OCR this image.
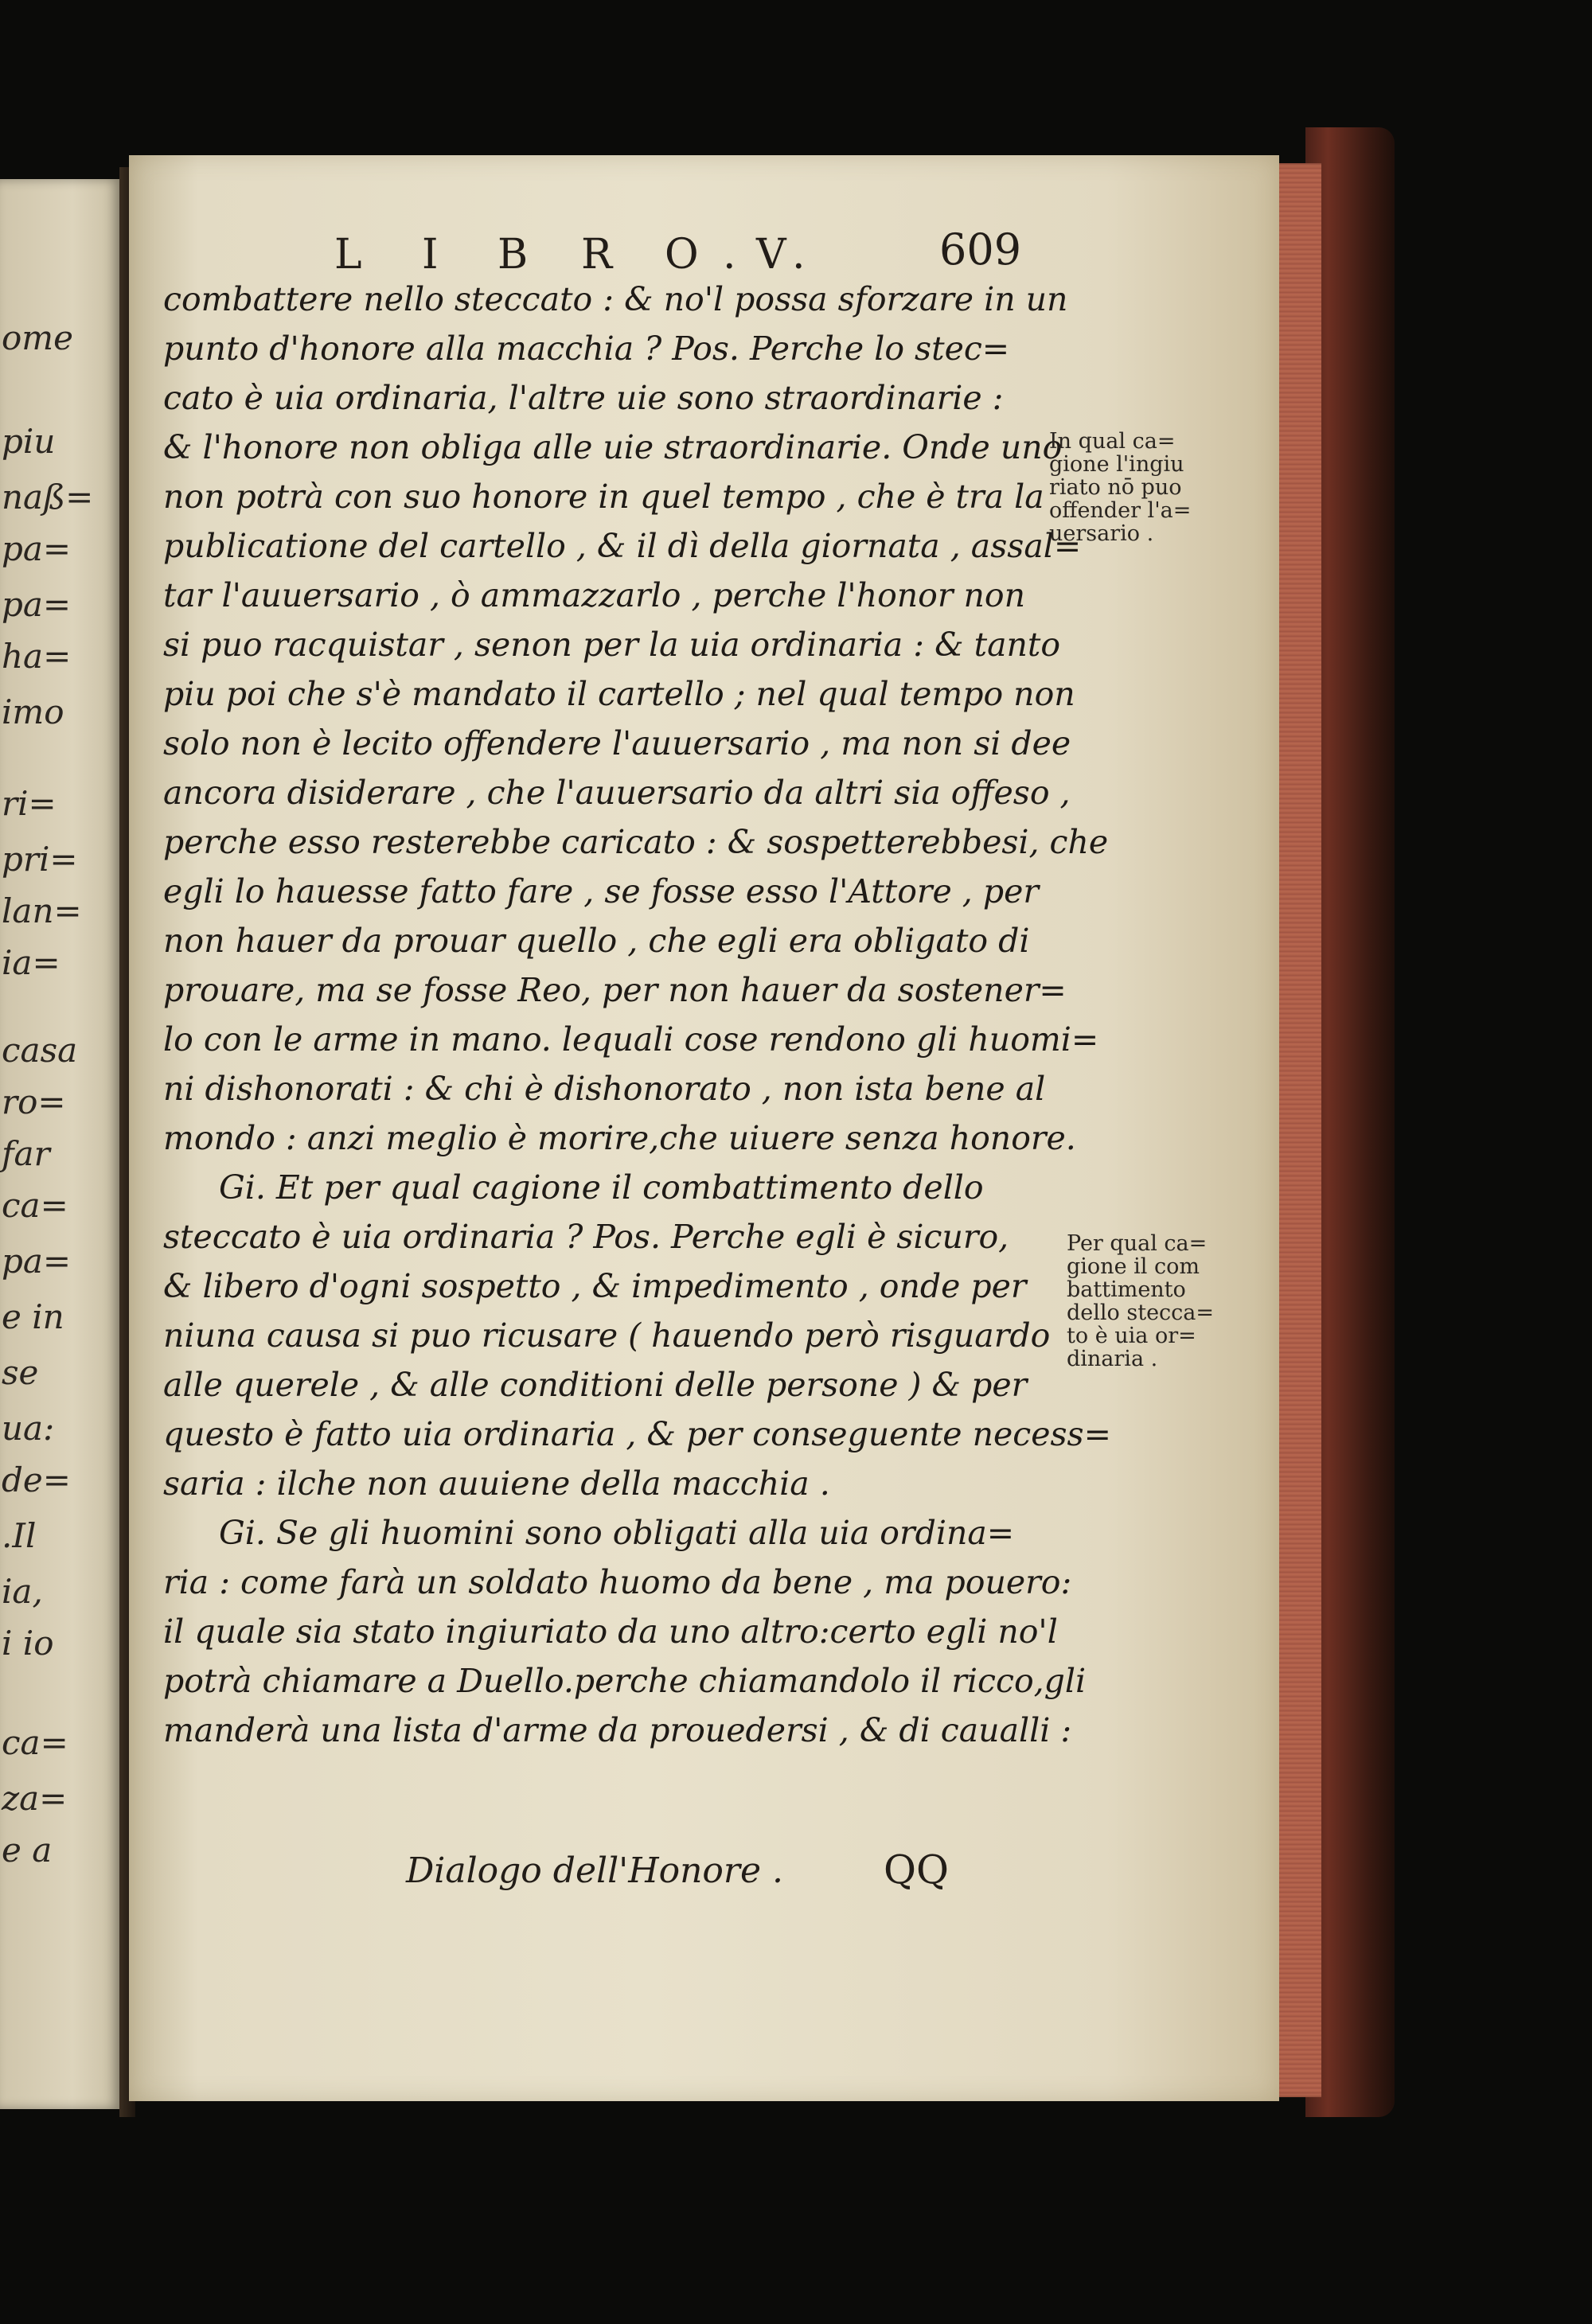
ome
piu
naß=
pa=
pa=
ha=
imo
ri=
pri=
lan=
ia=
casa
ro=
far
ca=
pa=
e in
se
ua:
de=
.Il
ia,
i io
ca=
za=
e a
L I B R O . V .	609
combattere nello steccato : & no'l possa sforzare in un
punto d'honore alla macchia ? Pos. Perche lo stec=
cato è uia ordinaria, l'altre uie sono straordinarie :
& l'honore non obliga alle uie straordinarie. Onde uno
non potrà con suo honore in quel tempo , che è tra la
publicatione del cartello , & il dì della giornata , assal=
tar l'auuersario , ò ammazzarlo , perche l'honor non
si puo racquistar , senon per la uia ordinaria : & tanto
piu poi che s'è mandato il cartello ; nel qual tempo non
solo non è lecito offendere l'auuersario , ma non si dee
ancora disiderare , che l'auuersario da altri sia offeso ,
perche esso resterebbe caricato : & sospetterebbesi, che
egli lo hauesse fatto fare , se fosse esso l'Attore , per
non hauer da prouar quello , che egli era obligato di
prouare, ma se fosse Reo, per non hauer da sostener=
lo con le arme in mano. lequali cose rendono gli huomi=
ni dishonorati : & chi è dishonorato , non ista bene al
mondo : anzi meglio è morire,che uiuere senza honore.
Gi. Et per qual cagione il combattimento dello
steccato è uia ordinaria ? Pos. Perche egli è sicuro,
& libero d'ogni sospetto , & impedimento , onde per
niuna causa si puo ricusare ( hauendo però risguardo
alle querele , & alle conditioni delle persone ) & per
questo è fatto uia ordinaria , & per conseguente necess=
saria : ilche non auuiene della macchia .
Gi. Se gli huomini sono obligati alla uia ordina=
ria : come farà un soldato huomo da bene , ma pouero:
il quale sia stato ingiuriato da uno altro:certo egli no'l
potrà chiamare a Duello.perche chiamandolo il ricco,gli
manderà una lista d'arme da prouedersi , & di caualli :
In qual ca=
gione l'ingiu
riato nō puo
offender l'a=
uersario .
Per qual ca=
gione il com
battimento
dello stecca=
to è uia or=
dinaria .
Dialogo dell'Honore .	QQ
